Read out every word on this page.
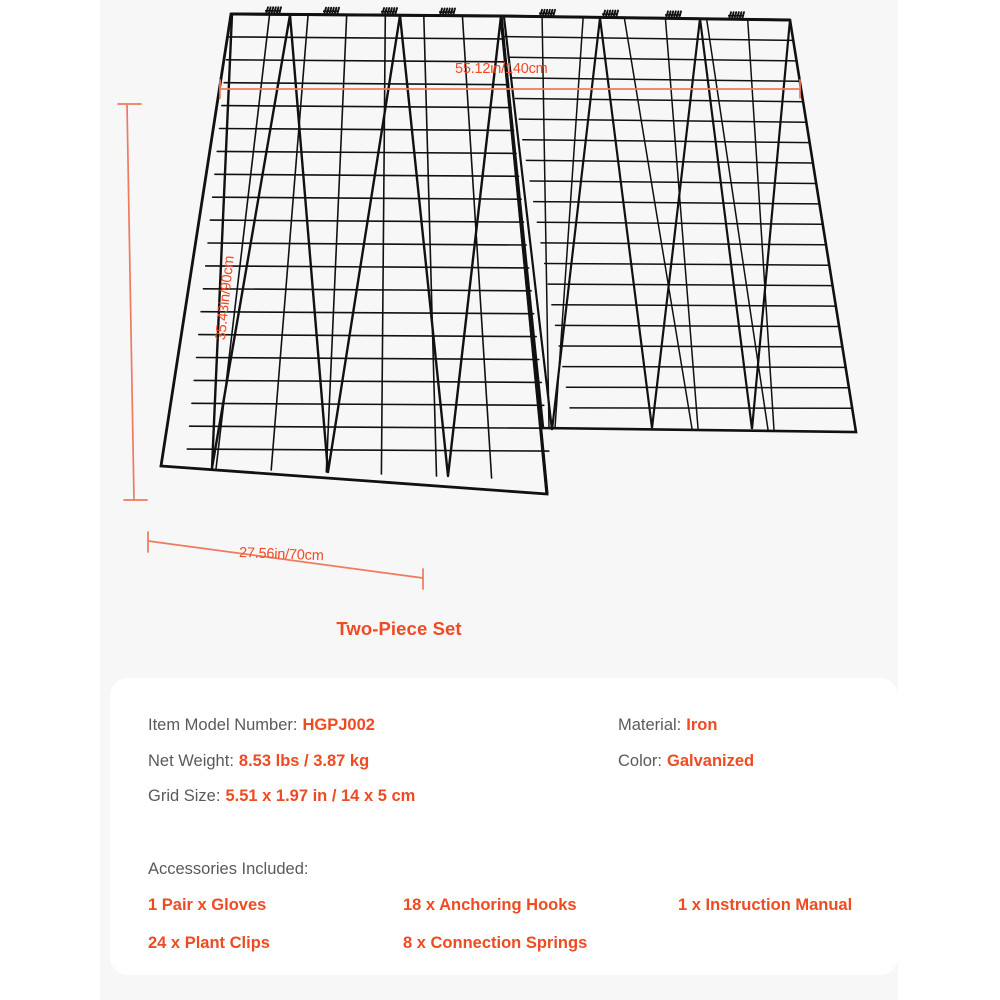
55.12in/140cm
35.43in/90cm
27.56in/70cm
Two-Piece Set
Item Model Number: HGPJ002	Material: Iron
Net Weight: 8.53 lbs / 3.87 kg	Color: Galvanized
Grid Size: 5.51 x 1.97 in / 14 x 5 cm
Accessories Included:
1 Pair x Gloves	18 x Anchoring Hooks	1 x Instruction Manual
24 x Plant Clips	8 x Connection Springs
